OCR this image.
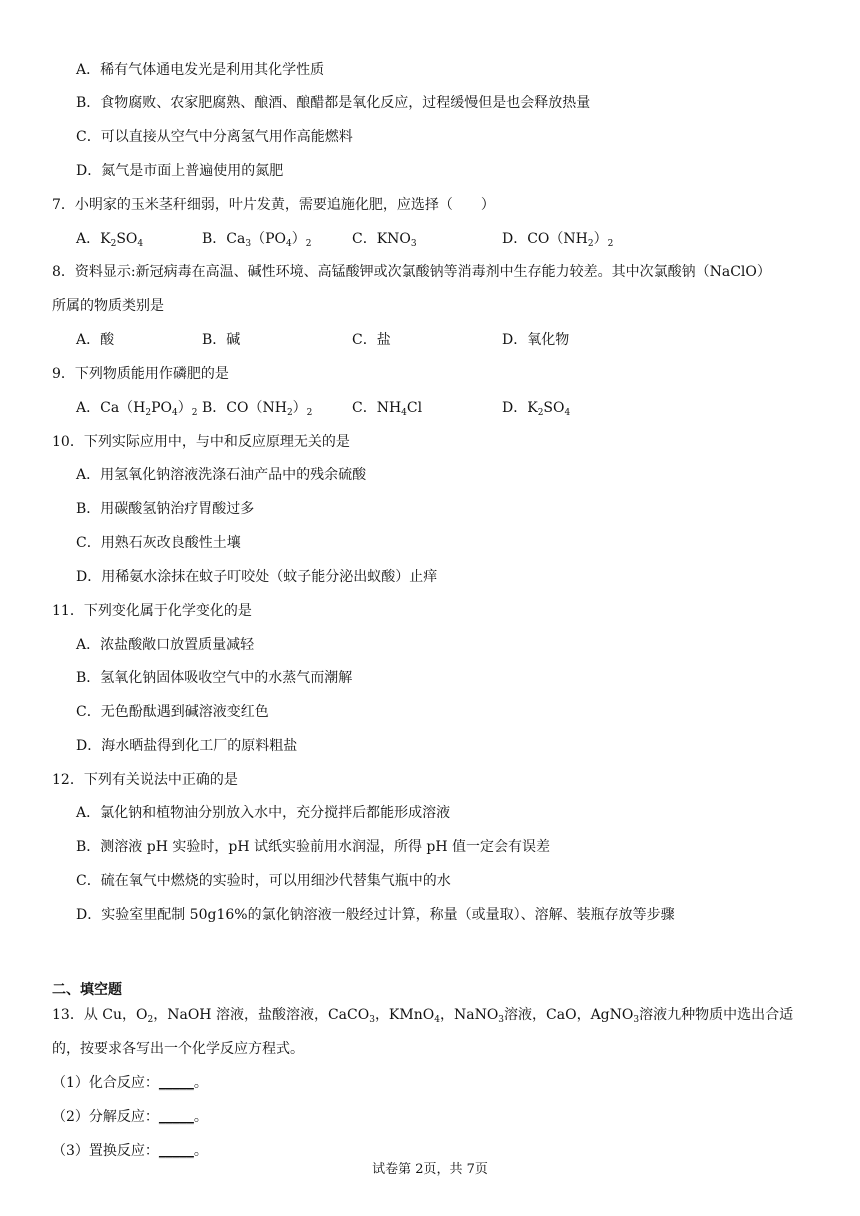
A．稀有气体通电发光是利用其化学性质
B．食物腐败、农家肥腐熟、酿酒、酿醋都是氧化反应，过程缓慢但是也会释放热量
C．可以直接从空气中分离氢气用作高能燃料
D．氮气是市面上普遍使用的氮肥
7．小明家的玉米茎秆细弱，叶片发黄，需要追施化肥，应选择（　　）
A．$K_2SO_4$	B．$Ca_3(PO_4)_2$	C．$KNO_3$	D．$CO(NH_2)_2$
8．资料显示:新冠病毒在高温、碱性环境、高锰酸钾或次氯酸钠等消毒剂中生存能力较差。其中次氯酸钠（NaClO）
所属的物质类别是
A．酸	B．碱	C．盐	D．氧化物
9．下列物质能用作磷肥的是
A．$Ca(H_2PO_4)_2$ B．$CO(NH_2)_2$	C．$NH_4Cl$	D．$K_2SO_4$
10．下列实际应用中，与中和反应原理无关的是
A．用氢氧化钠溶液洗涤石油产品中的残余硫酸
B．用碳酸氢钠治疗胃酸过多
C．用熟石灰改良酸性土壤
D．用稀氨水涂抹在蚊子叮咬处（蚊子能分泌出蚁酸）止痒
11．下列变化属于化学变化的是
A．浓盐酸敞口放置质量减轻
B．氢氧化钠固体吸收空气中的水蒸气而潮解
C．无色酚酞遇到碱溶液变红色
D．海水晒盐得到化工厂的原料粗盐
12．下列有关说法中正确的是
A．氯化钠和植物油分别放入水中，充分搅拌后都能形成溶液
B．测溶液 pH 实验时，pH 试纸实验前用水润湿，所得 pH 值一定会有误差
C．硫在氧气中燃烧的实验时，可以用细沙代替集气瓶中的水
D．实验室里配制 50g16%的氯化钠溶液一般经过计算，称量（或量取）、溶解、装瓶存放等步骤
二、填空题
13．从 Cu，$O_2$，NaOH 溶液，盐酸溶液，CaCO$_3$，KMnO$_4$，NaNO$_3$溶液，CaO，AgNO$_3$溶液九种物质中选出合适
的，按要求各写出一个化学反应方程式。
（1）化合反应：_____。
（2）分解反应：_____。
（3）置换反应：_____。
试卷第 2页，共 7页
